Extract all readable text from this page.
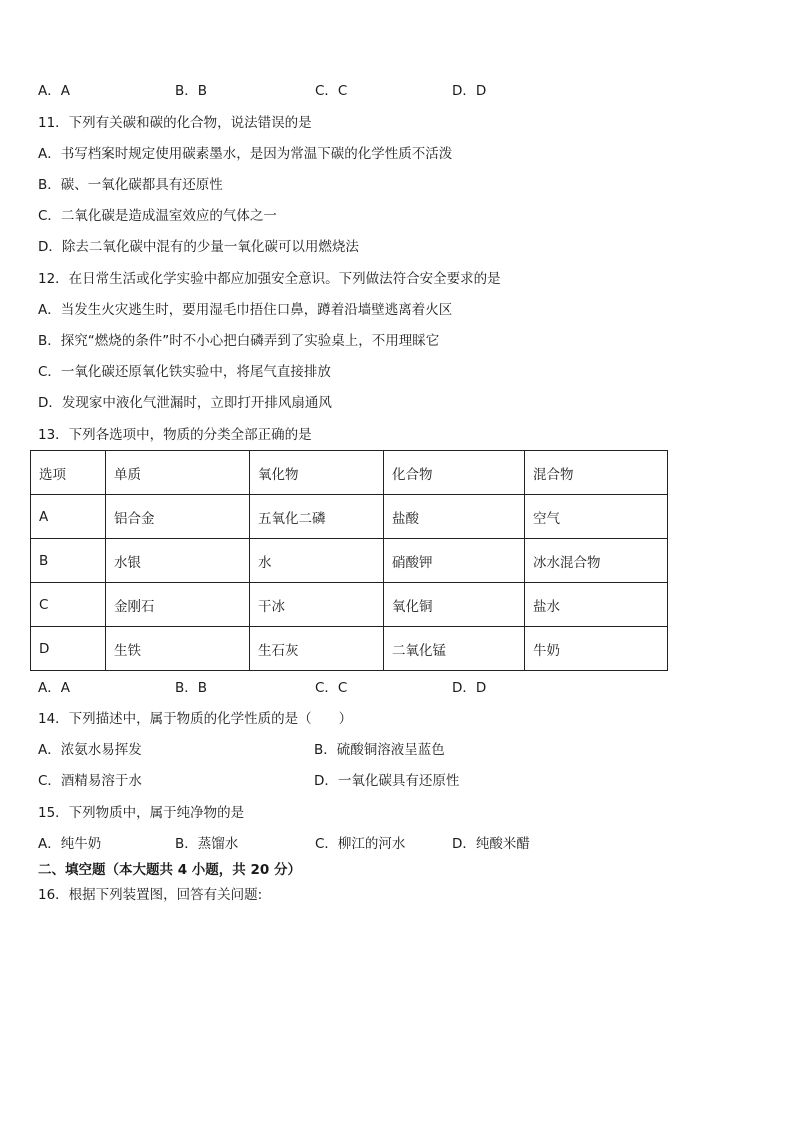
A．A	B．B	C．C	D．D
11．下列有关碳和碳的化合物，说法错误的是
A．书写档案时规定使用碳素墨水，是因为常温下碳的化学性质不活泼
B．碳、一氧化碳都具有还原性
C．二氧化碳是造成温室效应的气体之一
D．除去二氧化碳中混有的少量一氧化碳可以用燃烧法
12．在日常生活或化学实验中都应加强安全意识。下列做法符合安全要求的是
A．当发生火灾逃生时，要用湿毛巾捂住口鼻，蹲着沿墙壁逃离着火区
B．探究“燃烧的条件”时不小心把白磷弄到了实验桌上，不用理睬它
C．一氧化碳还原氧化铁实验中，将尾气直接排放
D．发现家中液化气泄漏时，立即打开排风扇通风
13．下列各选项中，物质的分类全部正确的是
选项	单质	氧化物	化合物	混合物
A	铝合金	五氧化二磷	盐酸	空气
B	水银	水	硝酸钾	冰水混合物
C	金刚石	干冰	氧化铜	盐水
D	生铁	生石灰	二氧化锰	牛奶
A．A	B．B	C．C	D．D
14．下列描述中，属于物质的化学性质的是（　　）
A．浓氨水易挥发	B．硫酸铜溶液呈蓝色
C．酒精易溶于水	D．一氧化碳具有还原性
15．下列物质中，属于纯净物的是
A．纯牛奶	B．蒸馏水	C．柳江的河水	D．纯酸米醋
二、填空题（本大题共 4 小题，共 20 分）
16．根据下列装置图，回答有关问题:
